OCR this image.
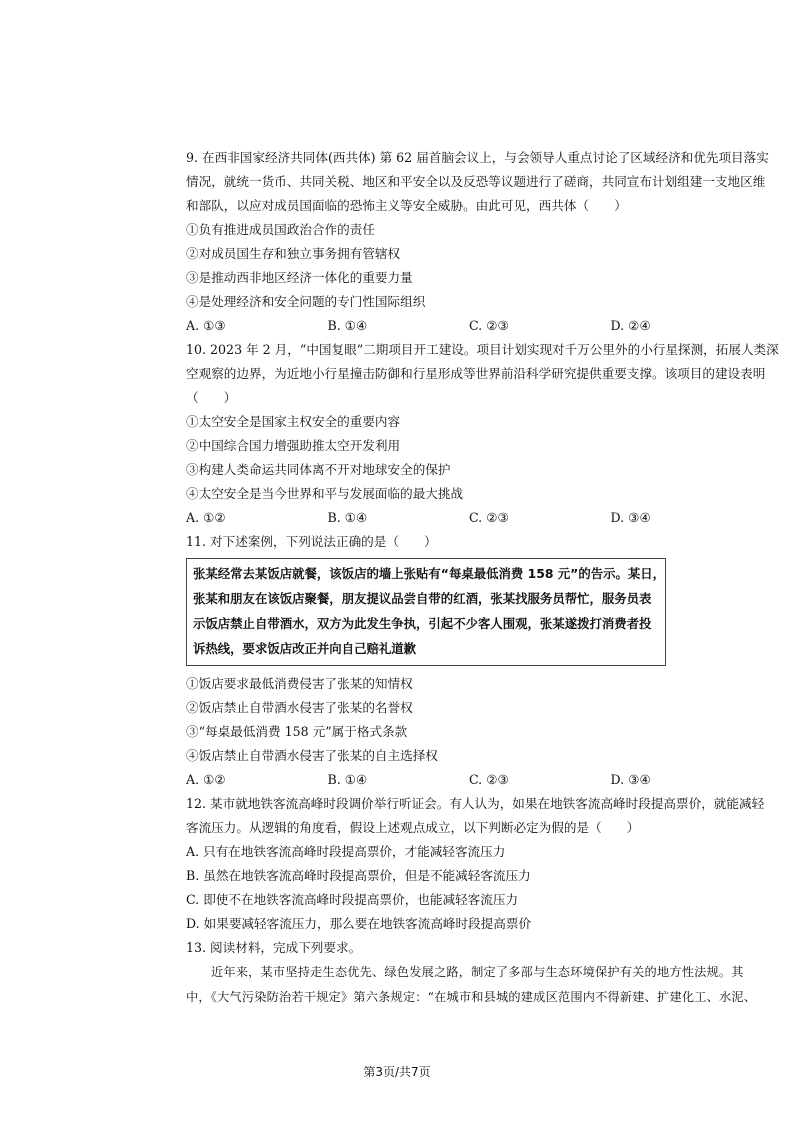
9. 在西非国家经济共同体(西共体) 第 62 届首脑会议上，与会领导人重点讨论了区域经济和优先项目落实
情况，就统一货币、共同关税、地区和平安全以及反恐等议题进行了磋商，共同宣布计划组建一支地区维
和部队，以应对成员国面临的恐怖主义等安全威胁。由此可见，西共体（　　）
①负有推进成员国政治合作的责任
②对成员国生存和独立事务拥有管辖权
③是推动西非地区经济一体化的重要力量
④是处理经济和安全问题的专门性国际组织
A. ①③	B. ①④	C. ②③	D. ②④
10. 2023 年 2 月，“中国复眼”二期项目开工建设。项目计划实现对千万公里外的小行星探测，拓展人类深
空观察的边界，为近地小行星撞击防御和行星形成等世界前沿科学研究提供重要支撑。该项目的建设表明
（　　）
①太空安全是国家主权安全的重要内容
②中国综合国力增强助推太空开发利用
③构建人类命运共同体离不开对地球安全的保护
④太空安全是当今世界和平与发展面临的最大挑战
A. ①②	B. ①④	C. ②③	D. ③④
11. 对下述案例，下列说法正确的是（　　）
张某经常去某饭店就餐，该饭店的墙上张贴有“每桌最低消费 158 元”的告示。某日，
张某和朋友在该饭店聚餐，朋友提议品尝自带的红酒，张某找服务员帮忙，服务员表
示饭店禁止自带酒水，双方为此发生争执，引起不少客人围观，张某遂拨打消费者投
诉热线，要求饭店改正并向自己赔礼道歉
①饭店要求最低消费侵害了张某的知情权
②饭店禁止自带酒水侵害了张某的名誉权
③“每桌最低消费 158 元”属于格式条款
④饭店禁止自带酒水侵害了张某的自主选择权
A. ①②	B. ①④	C. ②③	D. ③④
12. 某市就地铁客流高峰时段调价举行听证会。有人认为，如果在地铁客流高峰时段提高票价，就能减轻
客流压力。从逻辑的角度看，假设上述观点成立，以下判断必定为假的是（　　）
A. 只有在地铁客流高峰时段提高票价，才能减轻客流压力
B. 虽然在地铁客流高峰时段提高票价，但是不能减轻客流压力
C. 即使不在地铁客流高峰时段提高票价，也能减轻客流压力
D. 如果要减轻客流压力，那么要在地铁客流高峰时段提高票价
13. 阅读材料，完成下列要求。
近年来，某市坚持走生态优先、绿色发展之路，制定了多部与生态环境保护有关的地方性法规。其
中，《大气污染防治若干规定》第六条规定：“在城市和县城的建成区范围内不得新建、扩建化工、水泥、
第3页/共7页
